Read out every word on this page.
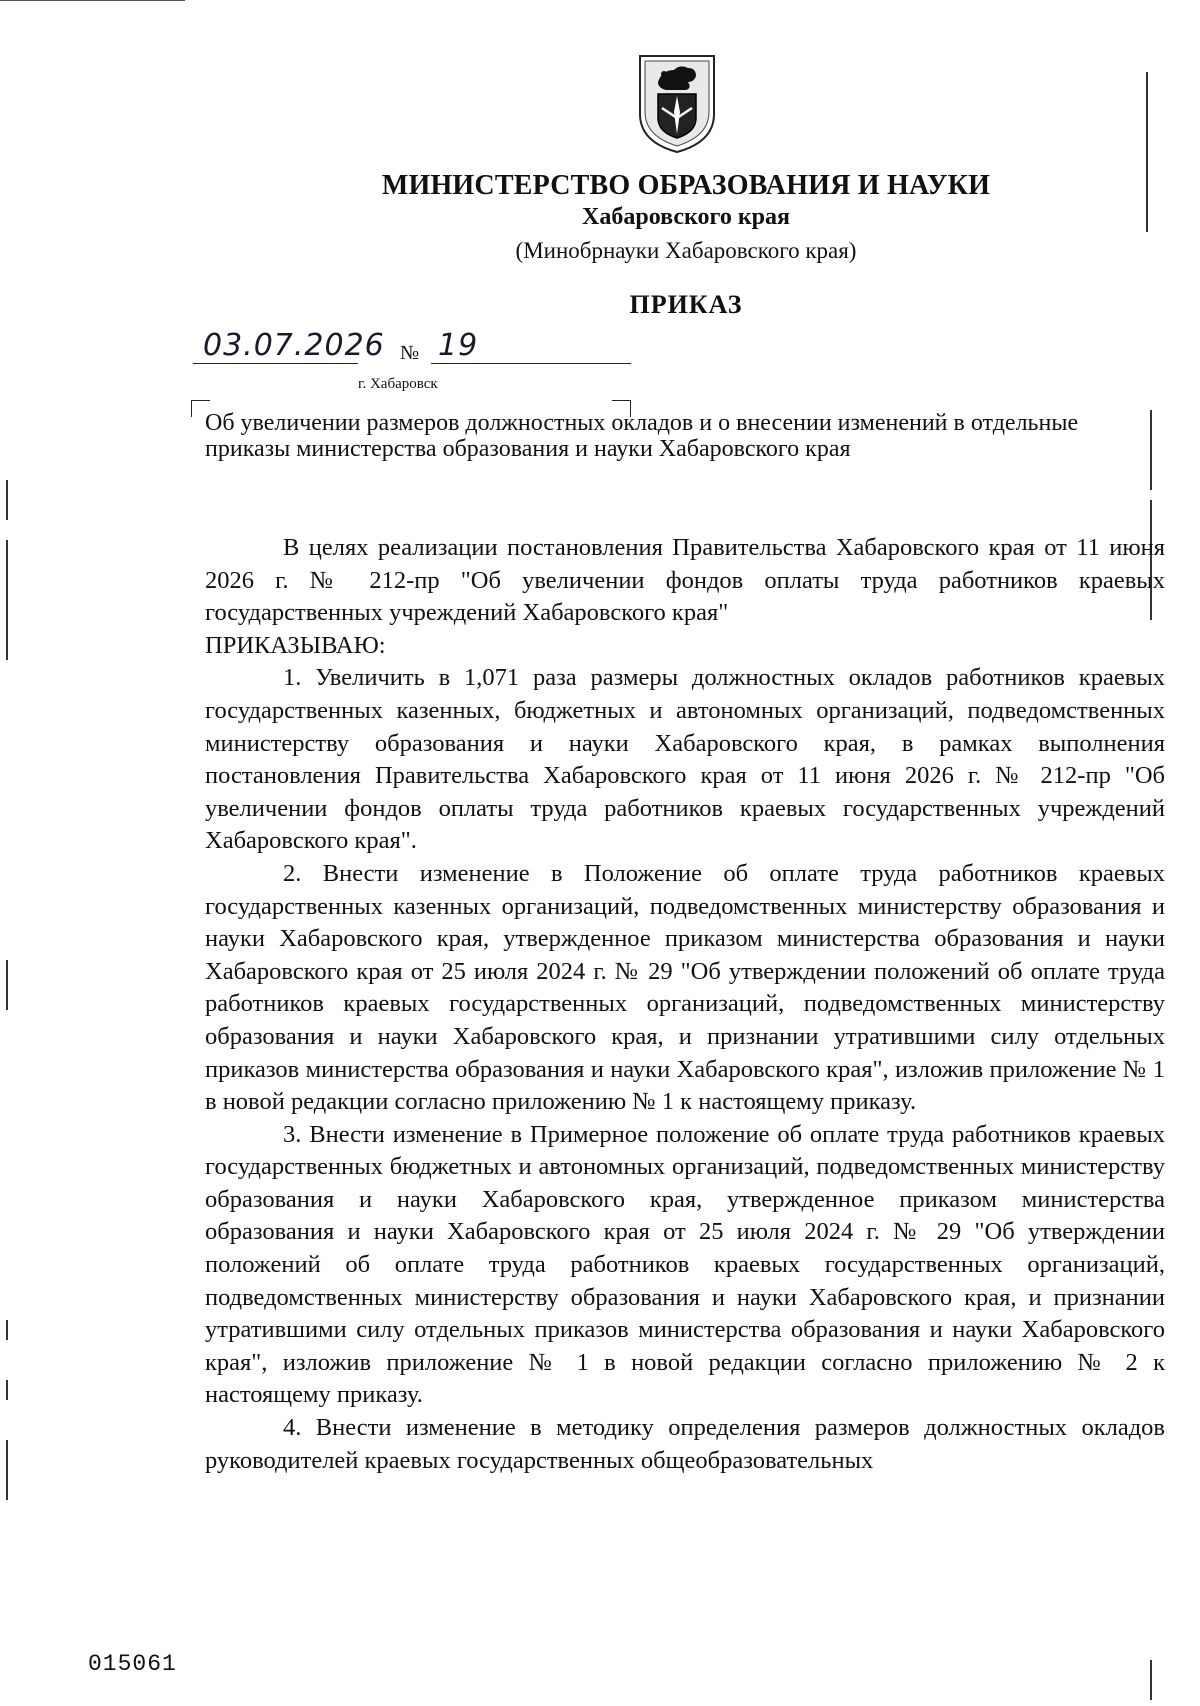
МИНИСТЕРСТВО ОБРАЗОВАНИЯ И НАУКИ
Хабаровского края
(Минобрнауки Хабаровского края)
ПРИКАЗ
03.07.2026 № 19
г. Хабаровск
Об увеличении размеров должностных окладов и о внесении изменений в отдельные приказы министерства образования и науки Хабаровского края

В целях реализации постановления Правительства Хабаровского края от 11 июня 2026 г. № 212-пр "Об увеличении фондов оплаты труда работников краевых государственных учреждений Хабаровского края"

ПРИКАЗЫВАЮ:

1. Увеличить в 1,071 раза размеры должностных окладов работников краевых государственных казенных, бюджетных и автономных организаций, подведомственных министерству образования и науки Хабаровского края, в рамках выполнения постановления Правительства Хабаровского края от 11 июня 2026 г. № 212-пр "Об увеличении фондов оплаты труда работников краевых государственных учреждений Хабаровского края".

2. Внести изменение в Положение об оплате труда работников краевых государственных казенных организаций, подведомственных министерству образования и науки Хабаровского края, утвержденное приказом министерства образования и науки Хабаровского края от 25 июля 2024 г. № 29 "Об утверждении положений об оплате труда работников краевых государственных организаций, подведомственных министерству образования и науки Хабаровского края, и признании утратившими силу отдельных приказов министерства образования и науки Хабаровского края", изложив приложение № 1 в новой редакции согласно приложению № 1 к настоящему приказу.

3. Внести изменение в Примерное положение об оплате труда работников краевых государственных бюджетных и автономных организаций, подведомственных министерству образования и науки Хабаровского края, утвержденное приказом министерства образования и науки Хабаровского края от 25 июля 2024 г. № 29 "Об утверждении положений об оплате труда работников краевых государственных организаций, подведомственных министерству образования и науки Хабаровского края, и признании утратившими силу отдельных приказов министерства образования и науки Хабаровского края", изложив приложение № 1 в новой редакции согласно приложению № 2 к настоящему приказу.

4. Внести изменение в методику определения размеров должностных окладов руководителей краевых государственных общеобразовательных

015061
